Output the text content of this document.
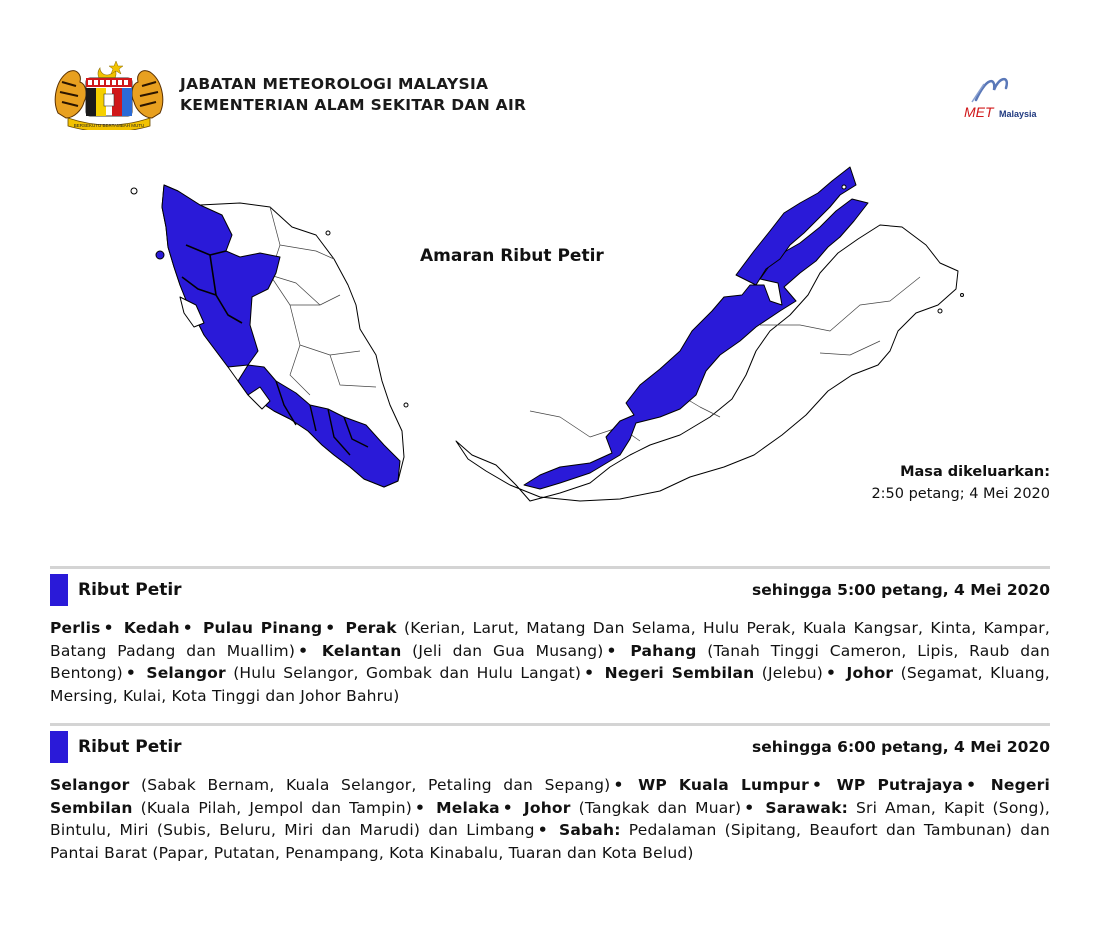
BERSEKUTU BERTAMBAH MUTU
JABATAN METEOROLOGI MALAYSIA
KEMENTERIAN ALAM SEKITAR DAN AIR	MET Malaysia
Amaran Ribut Petir
Masa dikeluarkan:
2:50 petang; 4 Mei 2020
Ribut Petir	sehingga 5:00 petang, 4 Mei 2020
Perlis • Kedah • Pulau Pinang • Perak (Kerian, Larut, Matang Dan Selama, Hulu Perak, Kuala Kangsar, Kinta, Kampar, Batang Padang dan Muallim) • Kelantan (Jeli dan Gua Musang) • Pahang (Tanah Tinggi Cameron, Lipis, Raub dan Bentong) • Selangor (Hulu Selangor, Gombak dan Hulu Langat) • Negeri Sembilan (Jelebu) • Johor (Segamat, Kluang, Mersing, Kulai, Kota Tinggi dan Johor Bahru)
Ribut Petir	sehingga 6:00 petang, 4 Mei 2020
Selangor (Sabak Bernam, Kuala Selangor, Petaling dan Sepang) • WP Kuala Lumpur • WP Putrajaya • Negeri Sembilan (Kuala Pilah, Jempol dan Tampin) • Melaka • Johor (Tangkak dan Muar) • Sarawak: Sri Aman, Kapit (Song), Bintulu, Miri (Subis, Beluru, Miri dan Marudi) dan Limbang • Sabah: Pedalaman (Sipitang, Beaufort dan Tambunan) dan Pantai Barat (Papar, Putatan, Penampang, Kota Kinabalu, Tuaran dan Kota Belud)
